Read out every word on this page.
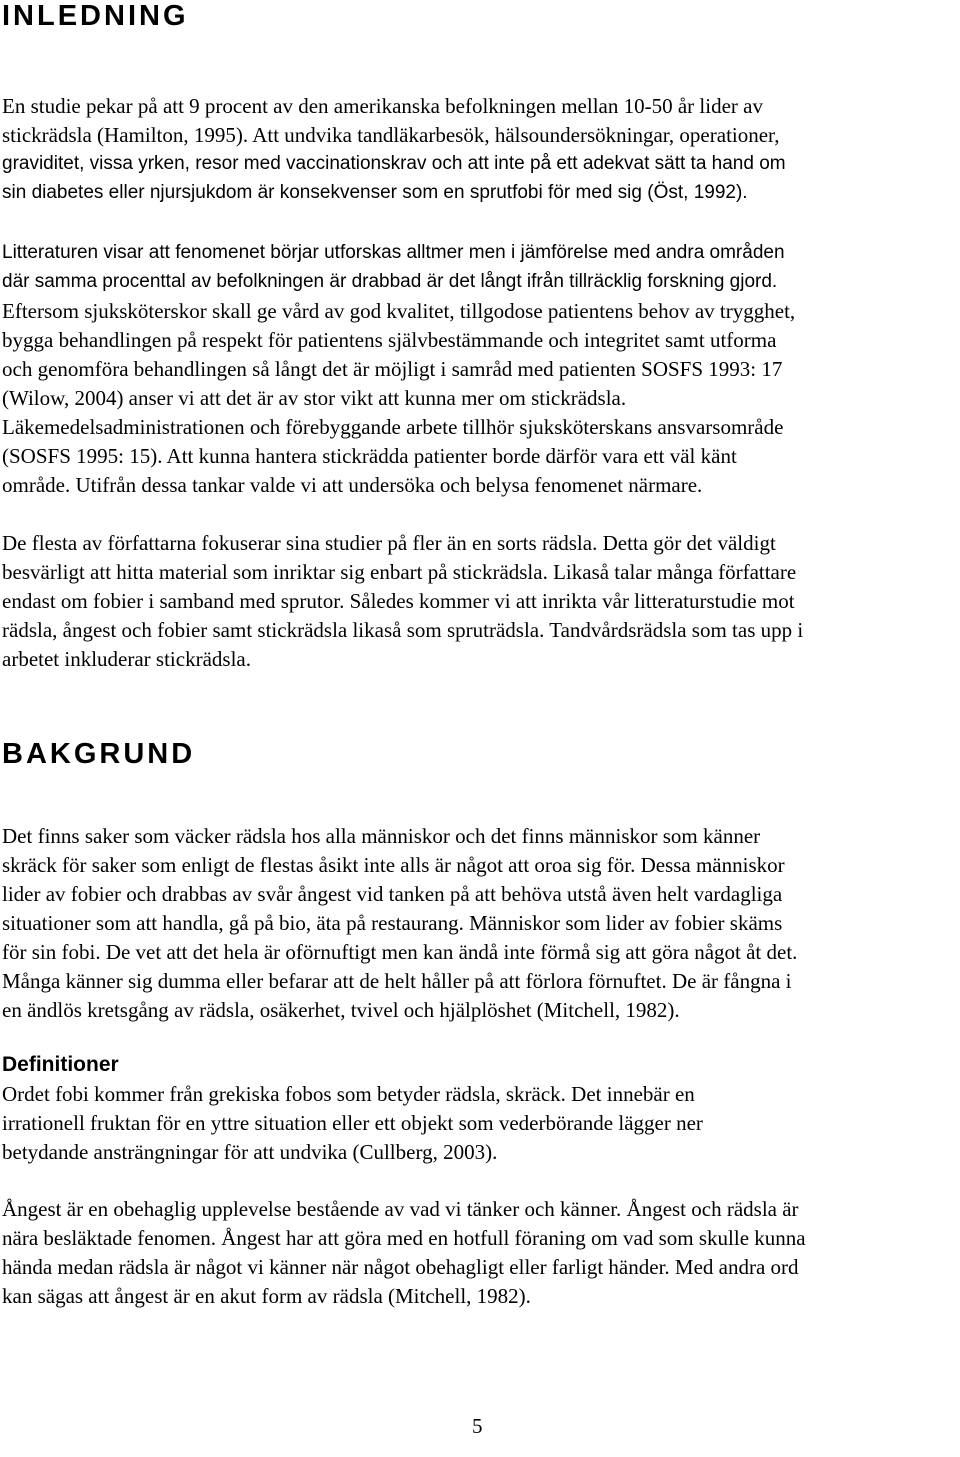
INLEDNING

En studie pekar på att 9 procent av den amerikanska befolkningen mellan 10-50 år lider av

stickrädsla (Hamilton, 1995). Att undvika tandläkarbesök, hälsoundersökningar, operationer,

graviditet, vissa yrken, resor med vaccinationskrav och att inte på ett adekvat sätt ta hand om

sin diabetes eller njursjukdom är konsekvenser som en sprutfobi för med sig (Öst, 1992).

Litteraturen visar att fenomenet börjar utforskas alltmer men i jämförelse med andra områden

där samma procenttal av befolkningen är drabbad är det långt ifrån tillräcklig forskning gjord.

Eftersom sjuksköterskor skall ge vård av god kvalitet, tillgodose patientens behov av trygghet,

bygga behandlingen på respekt för patientens självbestämmande och integritet samt utforma

och genomföra behandlingen så långt det är möjligt i samråd med patienten SOSFS 1993: 17

(Wilow, 2004) anser vi att det är av stor vikt att kunna mer om stickrädsla.

Läkemedelsadministrationen och förebyggande arbete tillhör sjuksköterskans ansvarsområde

(SOSFS 1995: 15). Att kunna hantera stickrädda patienter borde därför vara ett väl känt

område. Utifrån dessa tankar valde vi att undersöka och belysa fenomenet närmare.

De flesta av författarna fokuserar sina studier på fler än en sorts rädsla. Detta gör det väldigt

besvärligt att hitta material som inriktar sig enbart på stickrädsla. Likaså talar många författare

endast om fobier i samband med sprutor. Således kommer vi att inrikta vår litteraturstudie mot

rädsla, ångest och fobier samt stickrädsla likaså som spruträdsla. Tandvårdsrädsla som tas upp i

arbetet inkluderar stickrädsla.

BAKGRUND

Det finns saker som väcker rädsla hos alla människor och det finns människor som känner

skräck för saker som enligt de flestas åsikt inte alls är något att oroa sig för. Dessa människor

lider av fobier och drabbas av svår ångest vid tanken på att behöva utstå även helt vardagliga

situationer som att handla, gå på bio, äta på restaurang. Människor som lider av fobier skäms

för sin fobi. De vet att det hela är oförnuftigt men kan ändå inte förmå sig att göra något åt det.

Många känner sig dumma eller befarar att de helt håller på att förlora förnuftet. De är fångna i

en ändlös kretsgång av rädsla, osäkerhet, tvivel och hjälplöshet (Mitchell, 1982).

Definitioner

Ordet fobi kommer från grekiska fobos som betyder rädsla, skräck. Det innebär en

irrationell fruktan för en yttre situation eller ett objekt som vederbörande lägger ner

betydande ansträngningar för att undvika (Cullberg, 2003).

Ångest är en obehaglig upplevelse bestående av vad vi tänker och känner. Ångest och rädsla är

nära besläktade fenomen. Ångest har att göra med en hotfull föraning om vad som skulle kunna

hända medan rädsla är något vi känner när något obehagligt eller farligt händer. Med andra ord

kan sägas att ångest är en akut form av rädsla (Mitchell, 1982).

5
